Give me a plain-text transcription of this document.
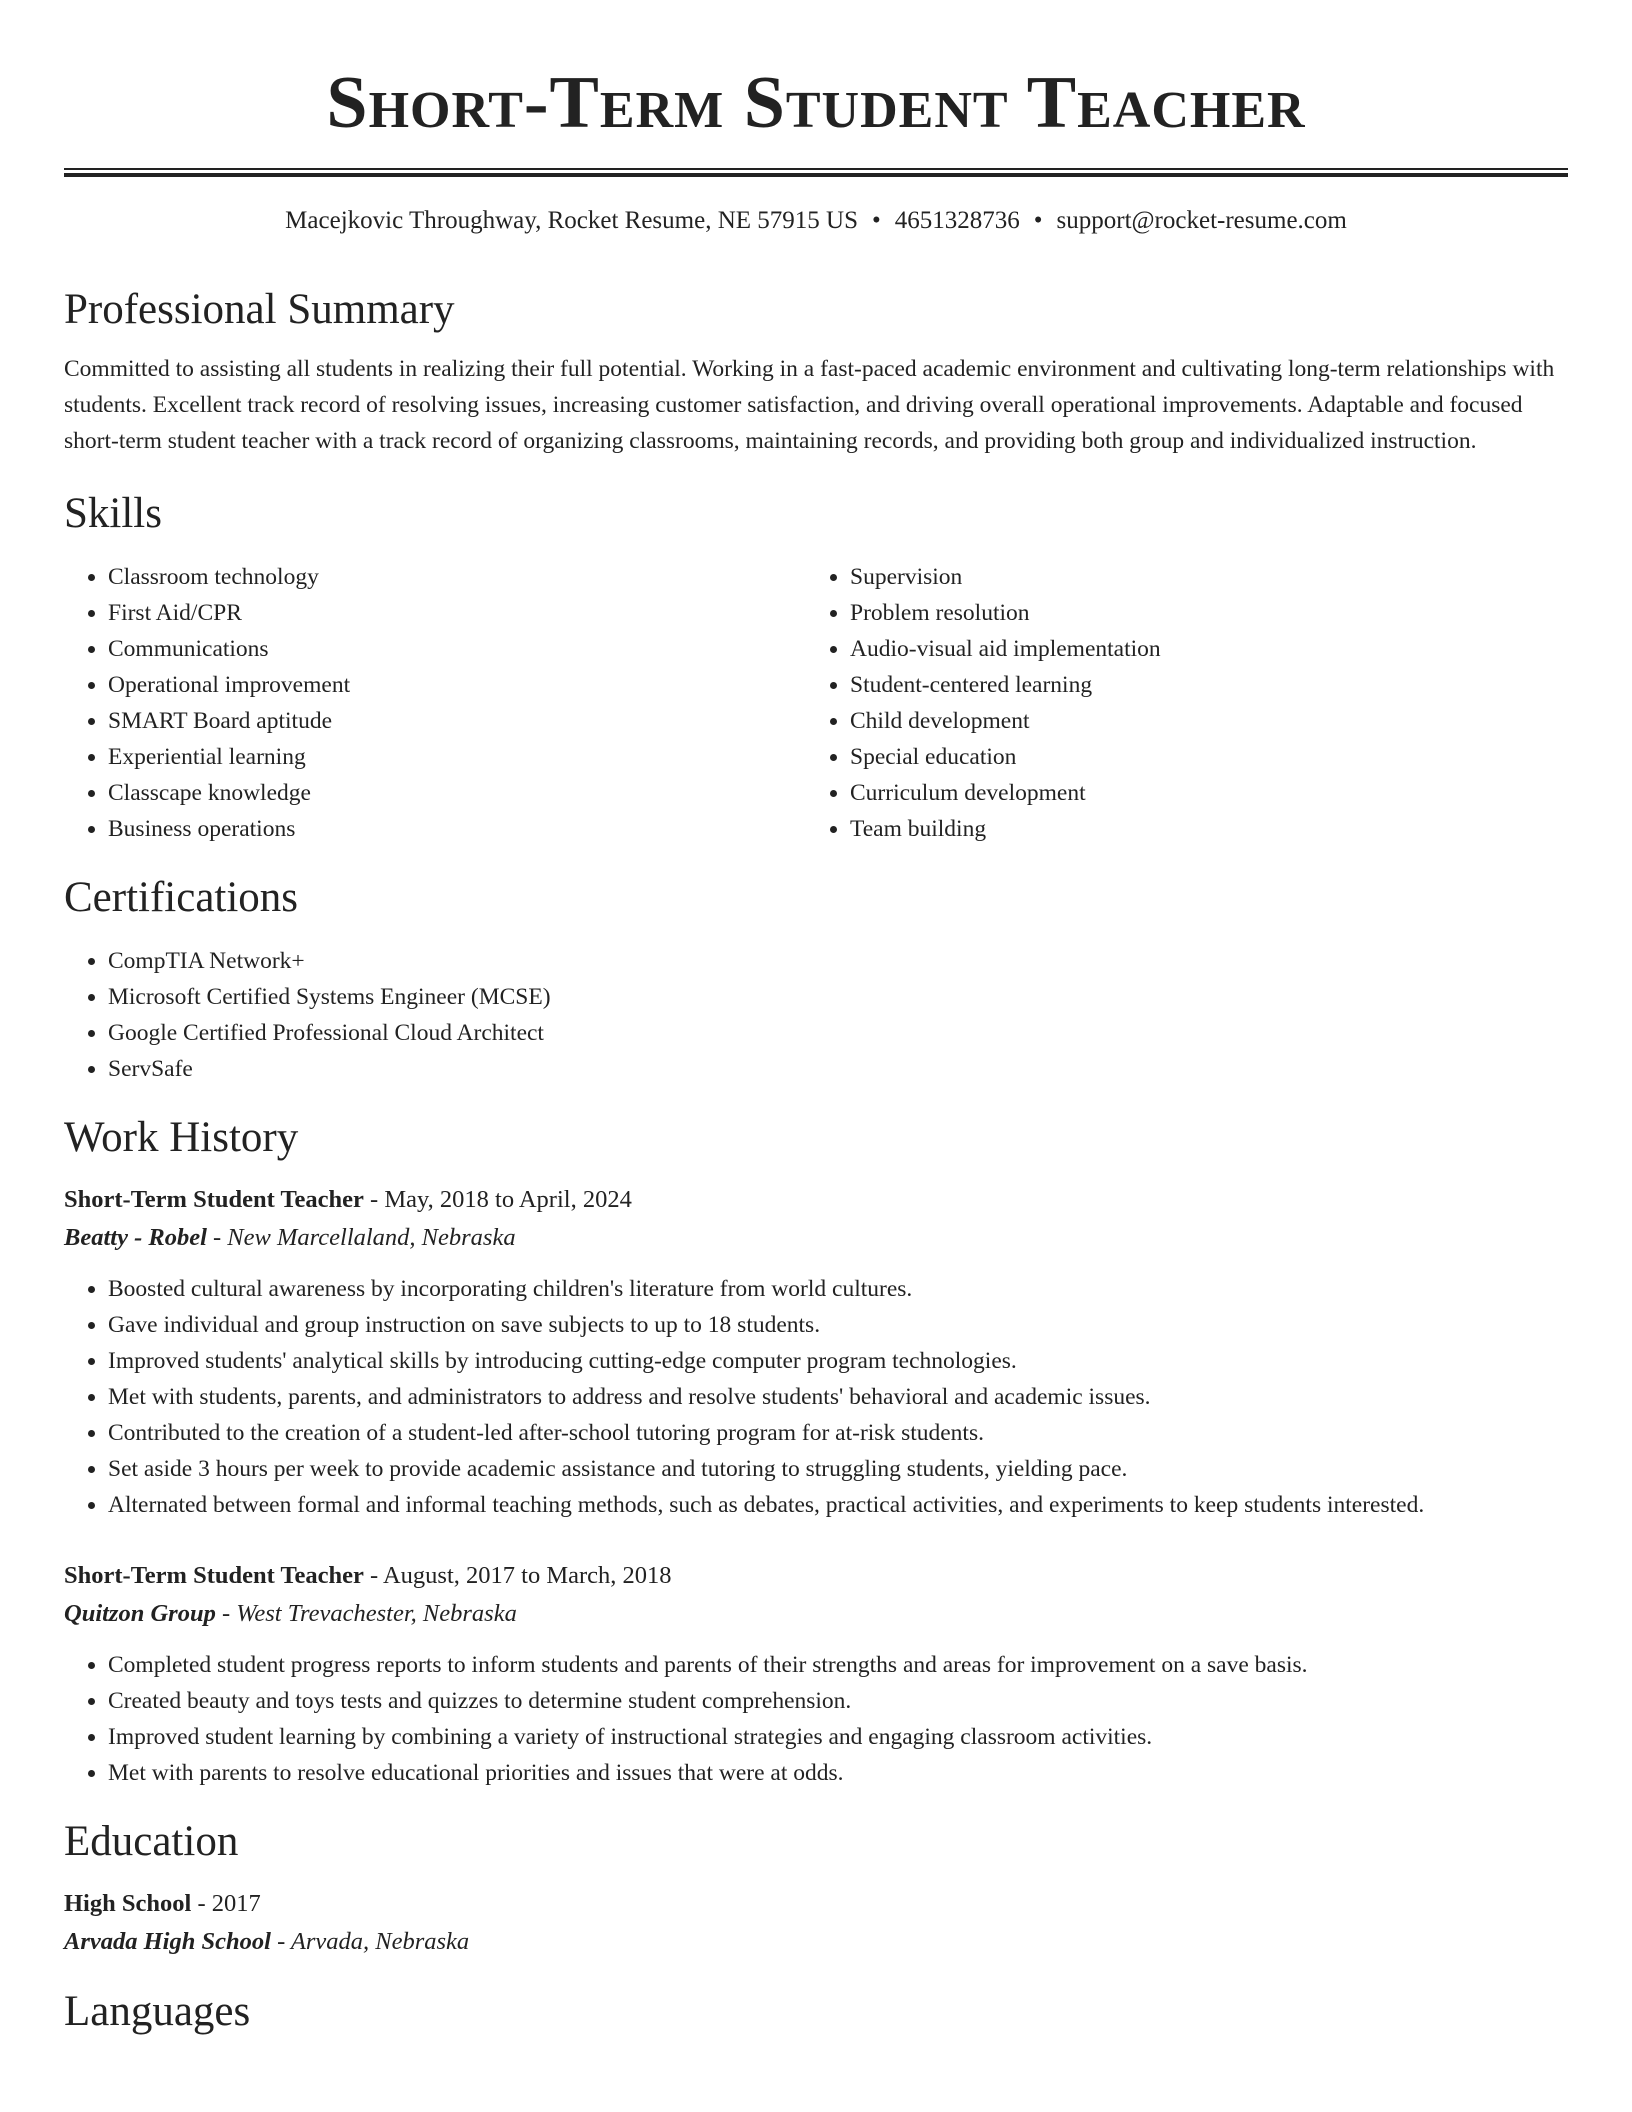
Short-Term Student Teacher
Macejkovic Throughway, Rocket Resume, NE 57915 US • 4651328736 • support@rocket-resume.com
Professional Summary

Committed to assisting all students in realizing their full potential. Working in a fast-paced academic environment and cultivating long-term relationships with students. Excellent track record of resolving issues, increasing customer satisfaction, and driving overall operational improvements. Adaptable and focused short-term student teacher with a track record of organizing classrooms, maintaining records, and providing both group and individualized instruction.

Skills
• Classroom technology
• First Aid/CPR
• Communications
• Operational improvement
• SMART Board aptitude
• Experiential learning
• Classcape knowledge
• Business operations
• Supervision
• Problem resolution
• Audio-visual aid implementation
• Student-centered learning
• Child development
• Special education
• Curriculum development
• Team building
Certifications
• CompTIA Network+
• Microsoft Certified Systems Engineer (MCSE)
• Google Certified Professional Cloud Architect
• ServSafe
Work History
Short-Term Student Teacher - May, 2018 to April, 2024
Beatty - Robel - New Marcellaland, Nebraska
• Boosted cultural awareness by incorporating children's literature from world cultures.
• Gave individual and group instruction on save subjects to up to 18 students.
• Improved students' analytical skills by introducing cutting-edge computer program technologies.
• Met with students, parents, and administrators to address and resolve students' behavioral and academic issues.
• Contributed to the creation of a student-led after-school tutoring program for at-risk students.
• Set aside 3 hours per week to provide academic assistance and tutoring to struggling students, yielding pace.
• Alternated between formal and informal teaching methods, such as debates, practical activities, and experiments to keep students interested.
Short-Term Student Teacher - August, 2017 to March, 2018
Quitzon Group - West Trevachester, Nebraska
• Completed student progress reports to inform students and parents of their strengths and areas for improvement on a save basis.
• Created beauty and toys tests and quizzes to determine student comprehension.
• Improved student learning by combining a variety of instructional strategies and engaging classroom activities.
• Met with parents to resolve educational priorities and issues that were at odds.
Education
High School - 2017
Arvada High School - Arvada, Nebraska
Languages
